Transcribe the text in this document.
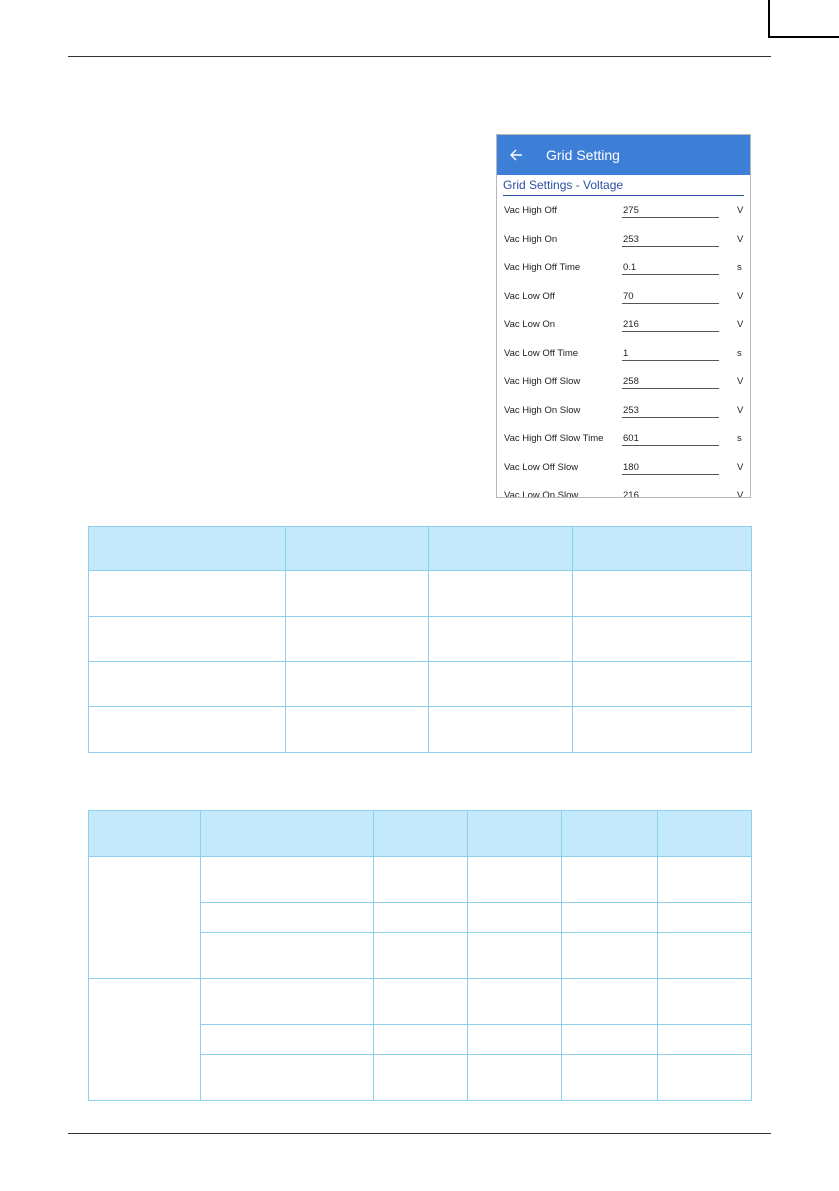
Grid Setting
Grid Settings - Voltage
Vac High Off	275	V
Vac High On	253	V
Vac High Off Time	0.1	s
Vac Low Off	70	V
Vac Low On	216	V
Vac Low Off Time	1	s
Vac High Off Slow	258	V
Vac High On Slow	253	V
Vac High Off Slow Time 601	s
Vac Low Off Slow	180	V
Vac Low On Slow	216	V
